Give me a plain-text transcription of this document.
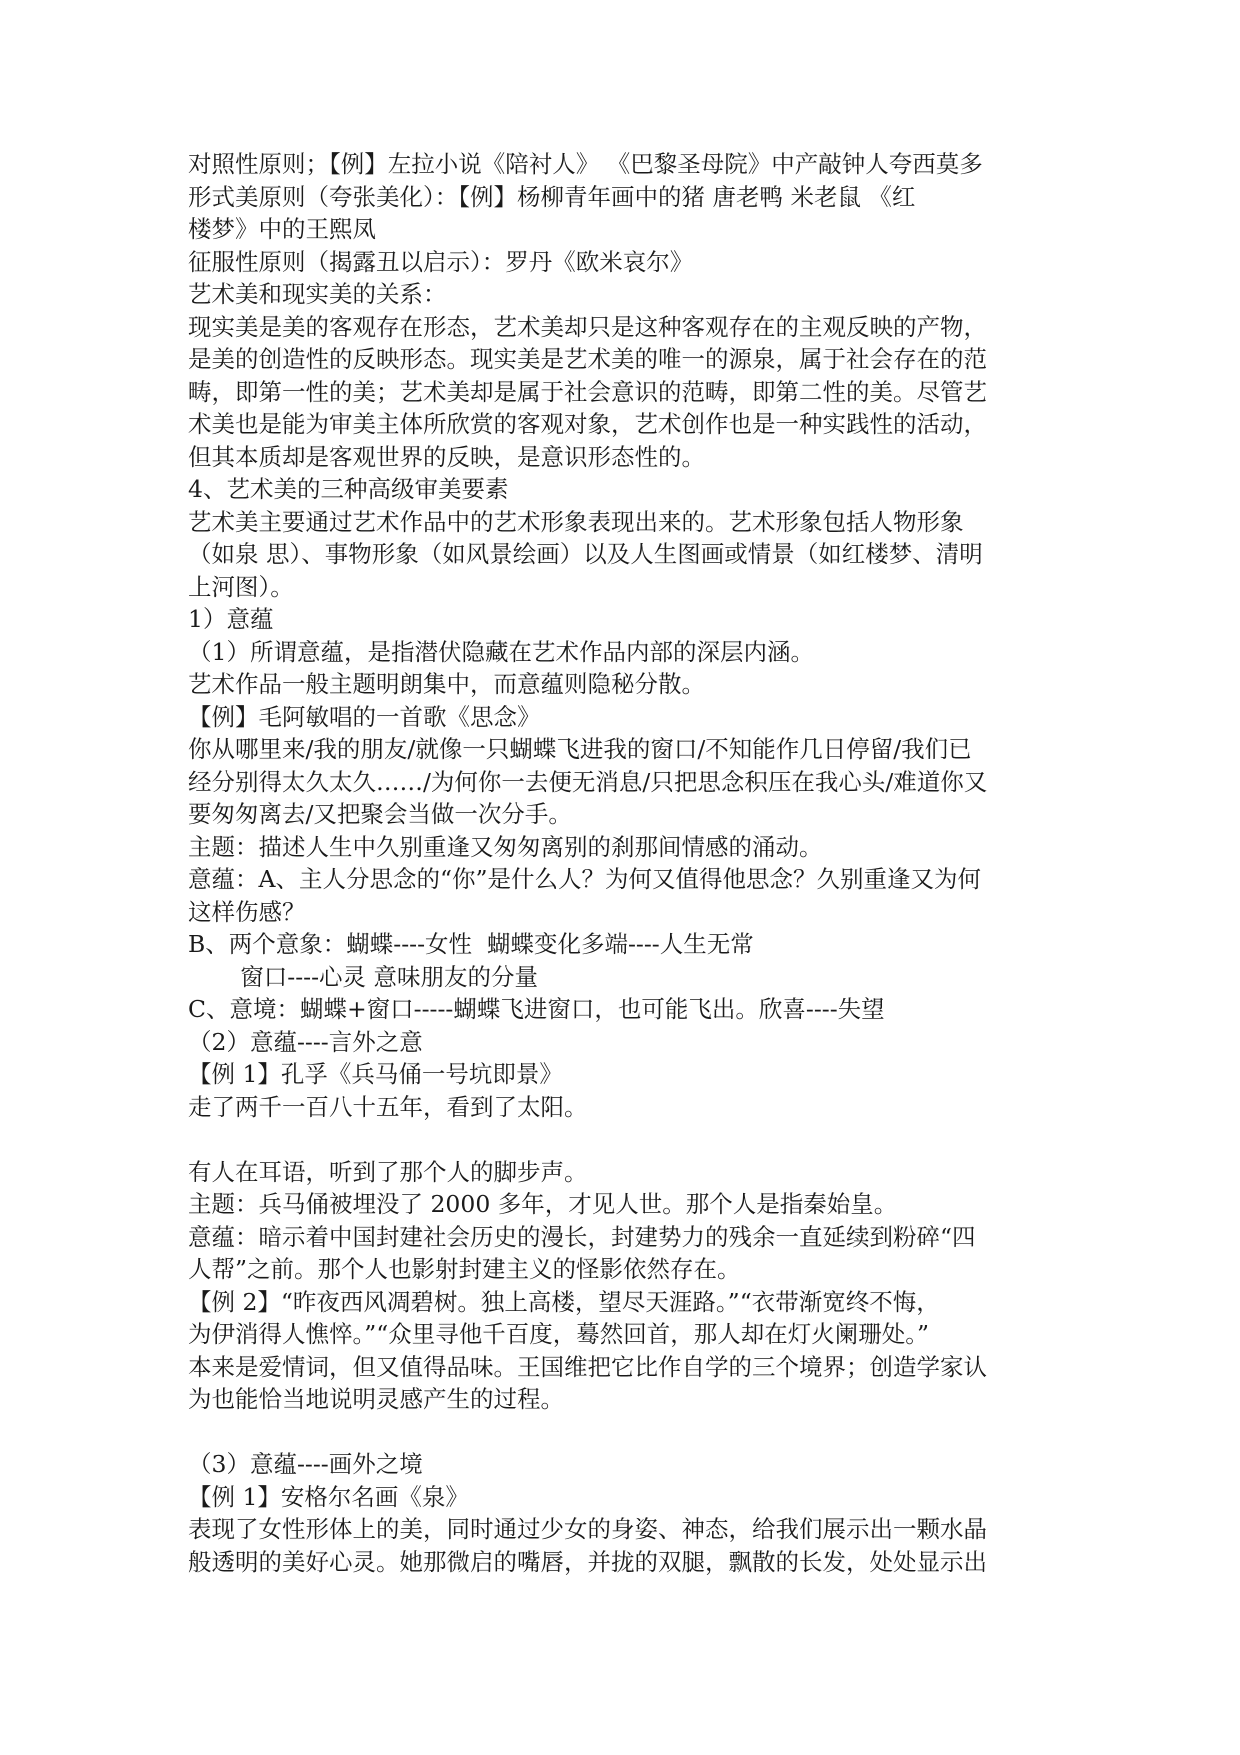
对照性原则；【例】左拉小说《陪衬人》 《巴黎圣母院》中产敲钟人夸西莫多
形式美原则（夸张美化）：【例】杨柳青年画中的猪 唐老鸭 米老鼠 《红
楼梦》中的王熙凤
征服性原则（揭露丑以启示）：罗丹《欧米哀尔》
艺术美和现实美的关系：
现实美是美的客观存在形态，艺术美却只是这种客观存在的主观反映的产物，
是美的创造性的反映形态。现实美是艺术美的唯一的源泉，属于社会存在的范
畴，即第一性的美；艺术美却是属于社会意识的范畴，即第二性的美。尽管艺
术美也是能为审美主体所欣赏的客观对象，艺术创作也是一种实践性的活动，
但其本质却是客观世界的反映，是意识形态性的。
4、艺术美的三种高级审美要素
艺术美主要通过艺术作品中的艺术形象表现出来的。艺术形象包括人物形象
（如泉 思）、事物形象（如风景绘画）以及人生图画或情景（如红楼梦、清明
上河图）。
1）意蕴
（1）所谓意蕴，是指潜伏隐藏在艺术作品内部的深层内涵。
艺术作品一般主题明朗集中，而意蕴则隐秘分散。
【例】毛阿敏唱的一首歌《思念》
你从哪里来/我的朋友/就像一只蝴蝶飞进我的窗口/不知能作几日停留/我们已
经分别得太久太久……/为何你一去便无消息/只把思念积压在我心头/难道你又
要匆匆离去/又把聚会当做一次分手。
主题：描述人生中久别重逢又匆匆离别的刹那间情感的涌动。
意蕴：A、主人分思念的“你”是什么人？为何又值得他思念？久别重逢又为何
这样伤感？
B、两个意象：蝴蝶----女性  蝴蝶变化多端----人生无常
窗口----心灵 意味朋友的分量
C、意境：蝴蝶+窗口-----蝴蝶飞进窗口，也可能飞出。欣喜----失望
（2）意蕴----言外之意
【例 1】孔孚《兵马俑一号坑即景》
走了两千一百八十五年，看到了太阳。
有人在耳语，听到了那个人的脚步声。
主题：兵马俑被埋没了 2000 多年，才见人世。那个人是指秦始皇。
意蕴：暗示着中国封建社会历史的漫长，封建势力的残余一直延续到粉碎“四
人帮”之前。那个人也影射封建主义的怪影依然存在。
【例 2】“昨夜西风凋碧树。独上高楼，望尽天涯路。”“衣带渐宽终不悔，
为伊消得人憔悴。”“众里寻他千百度，蓦然回首，那人却在灯火阑珊处。”
本来是爱情词，但又值得品味。王国维把它比作自学的三个境界；创造学家认
为也能恰当地说明灵感产生的过程。
（3）意蕴----画外之境
【例 1】安格尔名画《泉》
表现了女性形体上的美，同时通过少女的身姿、神态，给我们展示出一颗水晶
般透明的美好心灵。她那微启的嘴唇，并拢的双腿，飘散的长发，处处显示出
